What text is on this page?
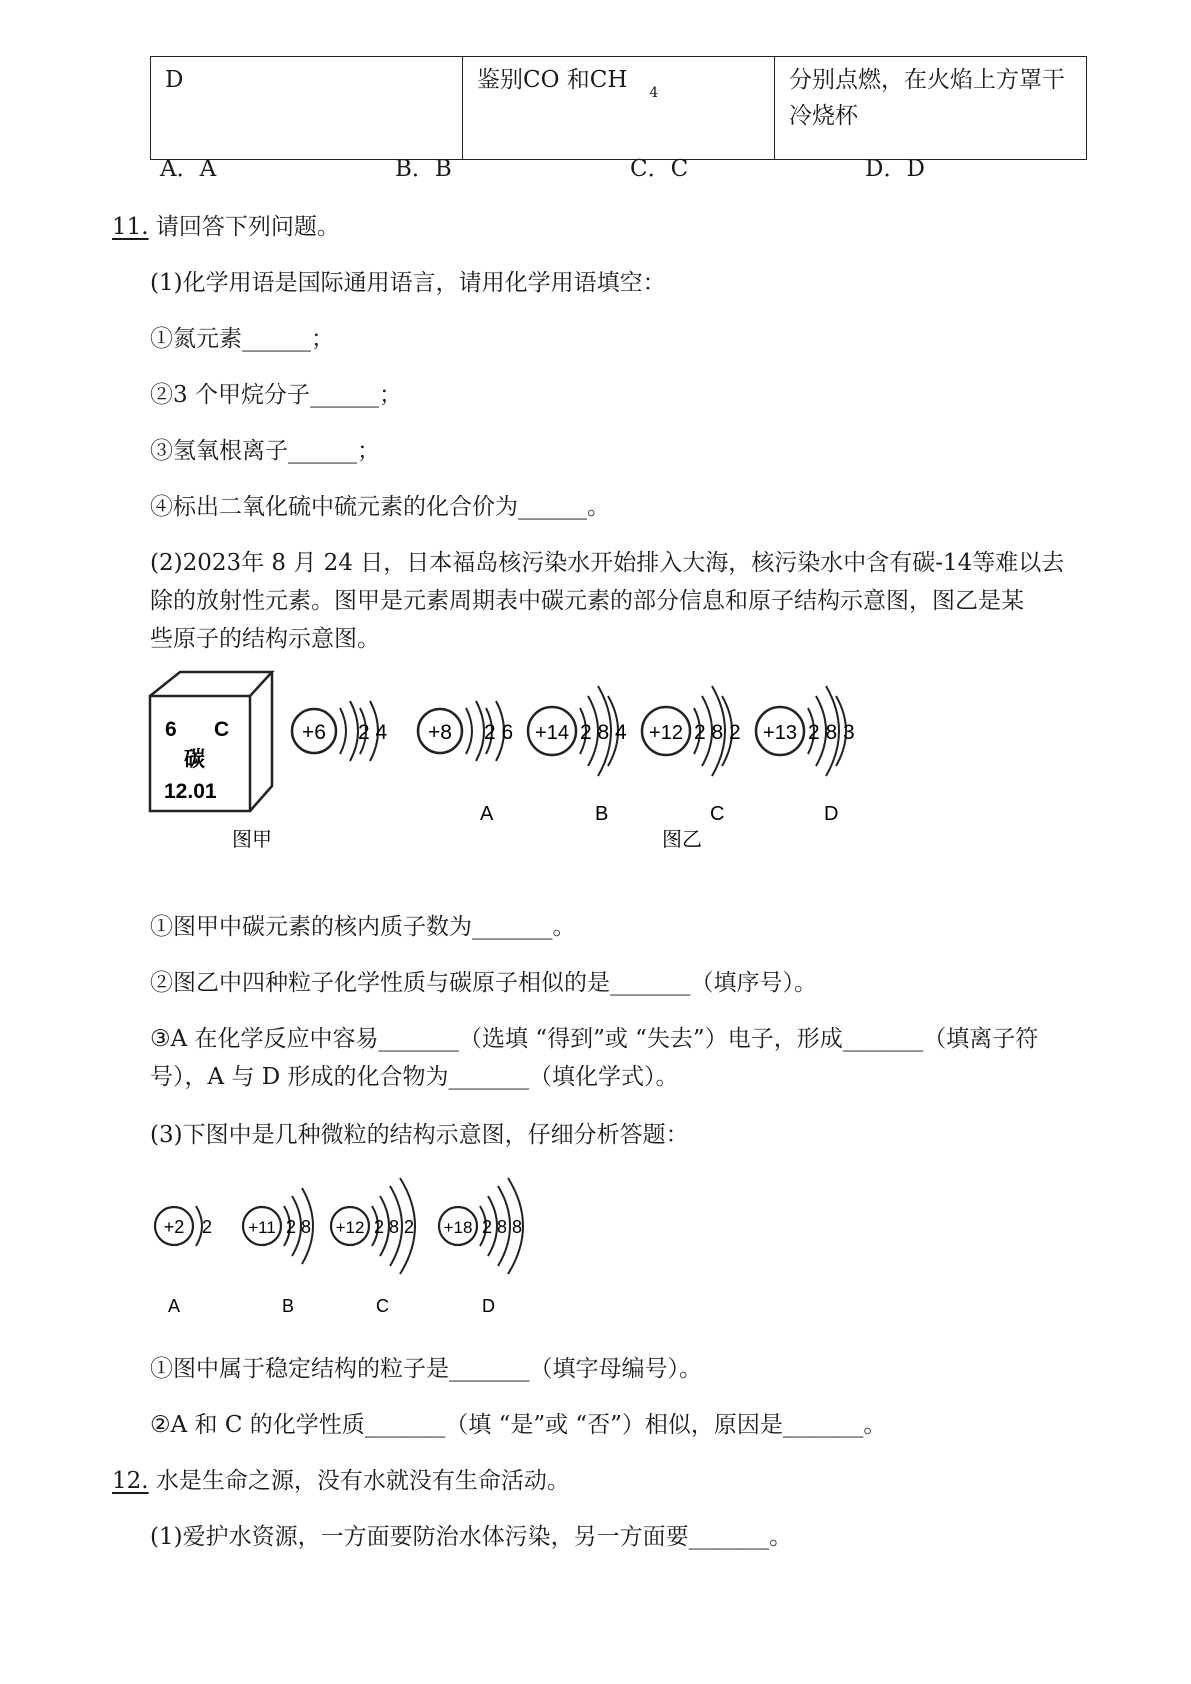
D	鉴别CO 和CH $_4$	分别点燃，在火焰上方罩干冷烧杯
A．A	B．B	C．C	D．D
11. 请回答下列问题。
(1)化学用语是国际通用语言，请用化学用语填空：
①氮元素______；
②3 个甲烷分子______；
③氢氧根离子______；
④标出二氧化硫中硫元素的化合价为______。
(2)2023年 8 月 24 日，日本福岛核污染水开始排入大海，核污染水中含有碳-14等难以去
除的放射性元素。图甲是元素周期表中碳元素的部分信息和原子结构示意图，图乙是某
些原子的结构示意图。
6 C
碳
12.01
+6 2 4 +8 2 6 +14 2 8 4 +12 2 8 2 +13 2 8 3
A	B	C	D
图甲	图乙
①图甲中碳元素的核内质子数为_______。
②图乙中四种粒子化学性质与碳原子相似的是_______（填序号）。
③A 在化学反应中容易_______（选填 “得到”或 “失去”）电子，形成_______（填离子符
号），A 与 D 形成的化合物为_______（填化学式）。
(3)下图中是几种微粒的结构示意图，仔细分析答题：
+2 2 +11 2 8 +12 2 8 2 +18 2 8 8
A	B	C	D
①图中属于稳定结构的粒子是_______（填字母编号）。
②A 和 C 的化学性质_______（填 “是”或 “否”）相似，原因是_______。
12. 水是生命之源，没有水就没有生命活动。
(1)爱护水资源，一方面要防治水体污染，另一方面要_______。
